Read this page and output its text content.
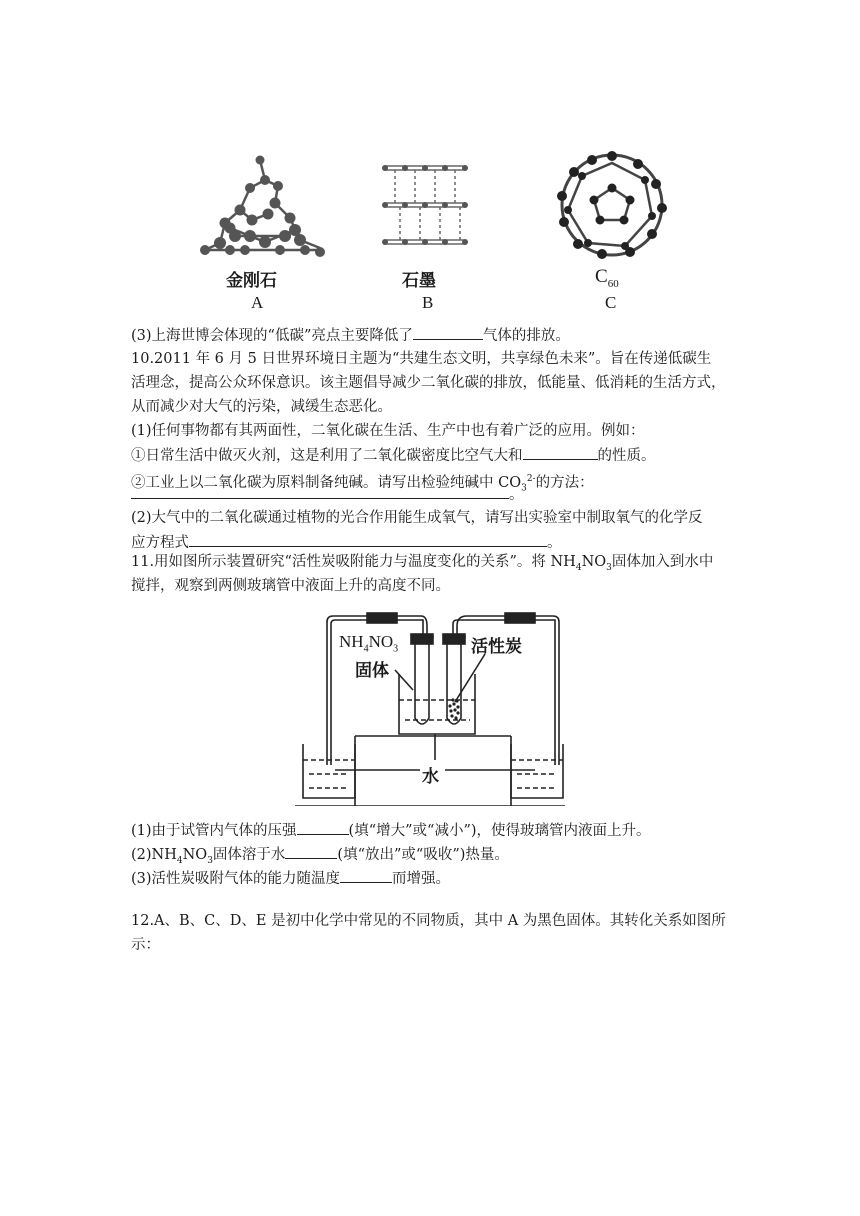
金刚石
A
石墨
B
$C_{60}$
C
(3)上海世博会体现的“低碳”亮点主要降低了	气体的排放。
10.2011 年 6 月 5 日世界环境日主题为“共建生态文明，共享绿色未来”。旨在传递低碳生
活理念，提高公众环保意识。该主题倡导减少二氧化碳的排放，低能量、低消耗的生活方式，
从而减少对大气的污染，减缓生态恶化。
(1)任何事物都有其两面性，二氧化碳在生活、生产中也有着广泛的应用。例如：
①日常生活中做灭火剂，这是利用了二氧化碳密度比空气大和	的性质。
②工业上以二氧化碳为原料制备纯碱。请写出检验纯碱中 $CO_3^{2-}$的方法：
。
(2)大气中的二氧化碳通过植物的光合作用能生成氧气，请写出实验室中制取氧气的化学反
应方程式	。
11.用如图所示装置研究“活性炭吸附能力与温度变化的关系”。将 $NH_4NO_3$固体加入到水中
搅拌，观察到两侧玻璃管中液面上升的高度不同。
$NH_4NO_3$
固体
活性炭
水
(1)由于试管内气体的压强	(填“增大”或“减小”)，使得玻璃管内液面上升。
$(2)NH_4NO_3$固体溶于水	(填“放出”或“吸收”)热量。
(3)活性炭吸附气体的能力随温度	而增强。
12.A、B、C、D、E 是初中化学中常见的不同物质，其中 A 为黑色固体。其转化关系如图所
示：
